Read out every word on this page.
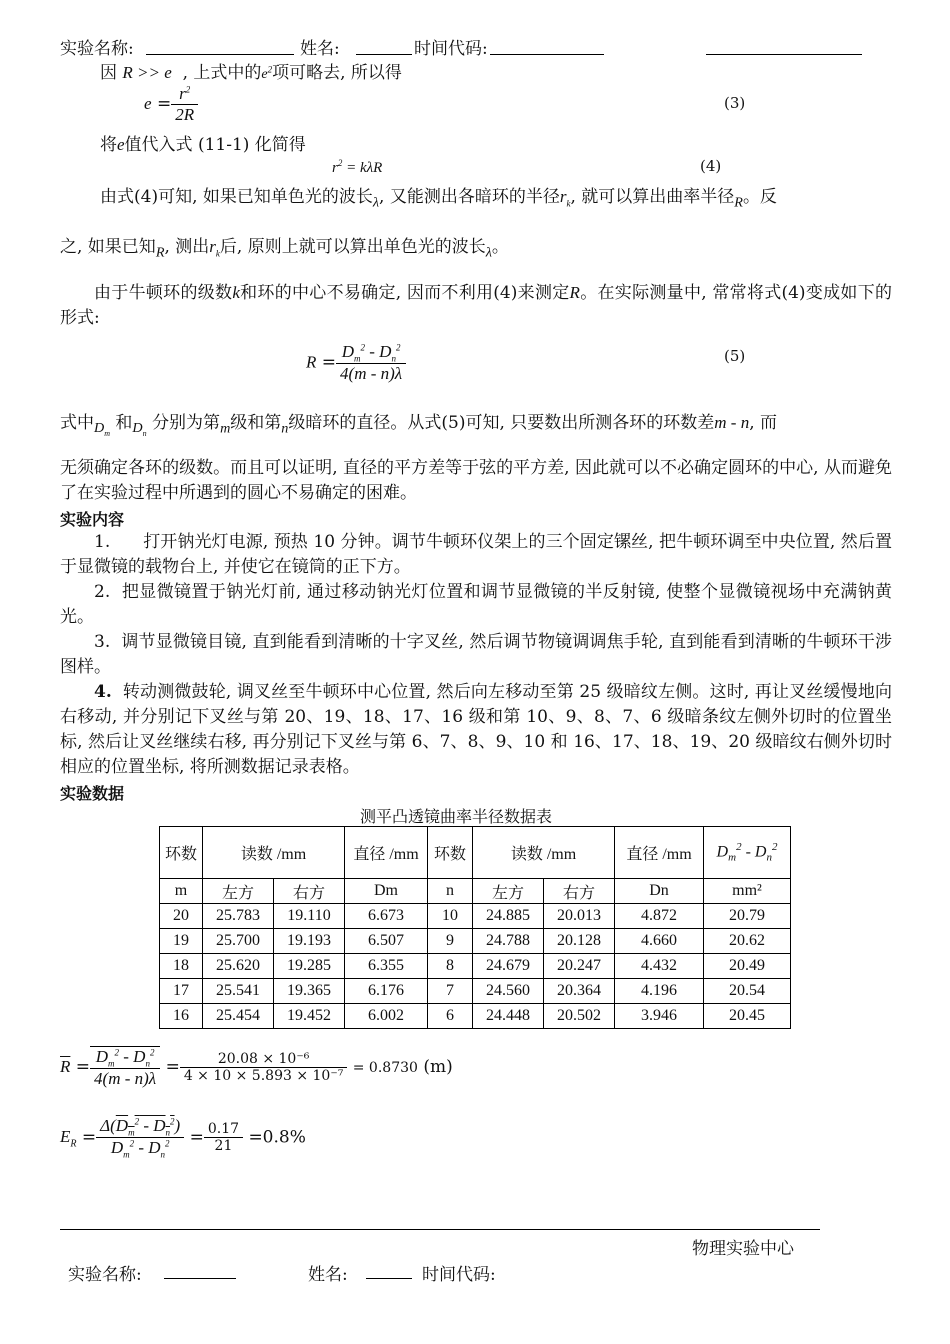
实验名称:	姓名:	时间代码:
因 R >> e , 上式中的$e^2$项可略去, 所以得
$e = \frac{r^2}{2R}$	(3)
将e值代入式 (11-1) 化简得
$r^2 = k\lambda R$	(4)
由式(4)可知, 如果已知单色光的波长$_\lambda$, 又能测出各暗环的半径$r_k$, 就可以算出曲率半径$_R$。反
之, 如果已知$_R$, 测出$r_k$后, 原则上就可以算出单色光的波长$_\lambda$。
由于牛顿环的级数k和环的中心不易确定, 因而不利用(4)来测定R。在实际测量中, 常常将式(4)变成如下的形式:
$R = \frac{D_m^2 - D_n^2}{4(m - n)\lambda}$	(5)
式中$_{D_m}$ 和$_{D_n}$ 分别为第$_m$级和第$_n$级暗环的直径。从式(5)可知, 只要数出所测各环的环数差m - n, 而
无须确定各环的级数。而且可以证明, 直径的平方差等于弦的平方差, 因此就可以不必确定圆环的中心, 从而避免了在实验过程中所遇到的圆心不易确定的困难。
实验内容
1. 打开钠光灯电源, 预热 10 分钟。调节牛顿环仪架上的三个固定镙丝, 把牛顿环调至中央位置, 然后置于显微镜的载物台上, 并使它在镜筒的正下方。
2. 把显微镜置于钠光灯前, 通过移动钠光灯位置和调节显微镜的半反射镜, 使整个显微镜视场中充满钠黄光。
3. 调节显微镜目镜, 直到能看到清晰的十字叉丝, 然后调节物镜调调焦手轮, 直到能看到清晰的牛顿环干涉图样。
4. 转动测微鼓轮, 调叉丝至牛顿环中心位置, 然后向左移动至第 25 级暗纹左侧。这时, 再让叉丝缓慢地向右移动, 并分别记下叉丝与第 20、19、18、17、16 级和第 10、9、8、7、6 级暗条纹左侧外切时的位置坐标, 然后让叉丝继续右移, 再分别记下叉丝与第 6、7、8、9、10 和 16、17、18、19、20 级暗纹右侧外切时相应的位置坐标, 将所测数据记录表格。
实验数据
测平凸透镜曲率半径数据表
环数	读数 /mm		直径 /mm	环数	读数 /mm		直径 /mm	$D_m^2 - D_n^2$
m	左方	右方	Dm	n	左方	右方	Dn	mm²
20	25.783	19.110	6.673	10	24.885	20.013	4.872	20.79
19	25.700	19.193	6.507	9	24.788	20.128	4.660	20.62
18	25.620	19.285	6.355	8	24.679	20.247	4.432	20.49
17	25.541	19.365	6.176	7	24.560	20.364	4.196	20.54
16	25.454	19.452	6.002	6	24.448	20.502	3.946	20.45
$\overline{R} = \frac{D_m^2 - D_n^2}{4(m - n)\lambda} = \frac{\text{20.08 × 10⁻⁶}}{\text{4 × 10 × 5.893 × 10⁻⁷}} = 0.8730$ (m)
$E_R = \frac{\Delta(D_m^2 - D_n^2)}{D_m^2 - D_n^2} = \frac{0.17}{21} =0.8\%$
物理实验中心
实验名称:	姓名:	时间代码:
